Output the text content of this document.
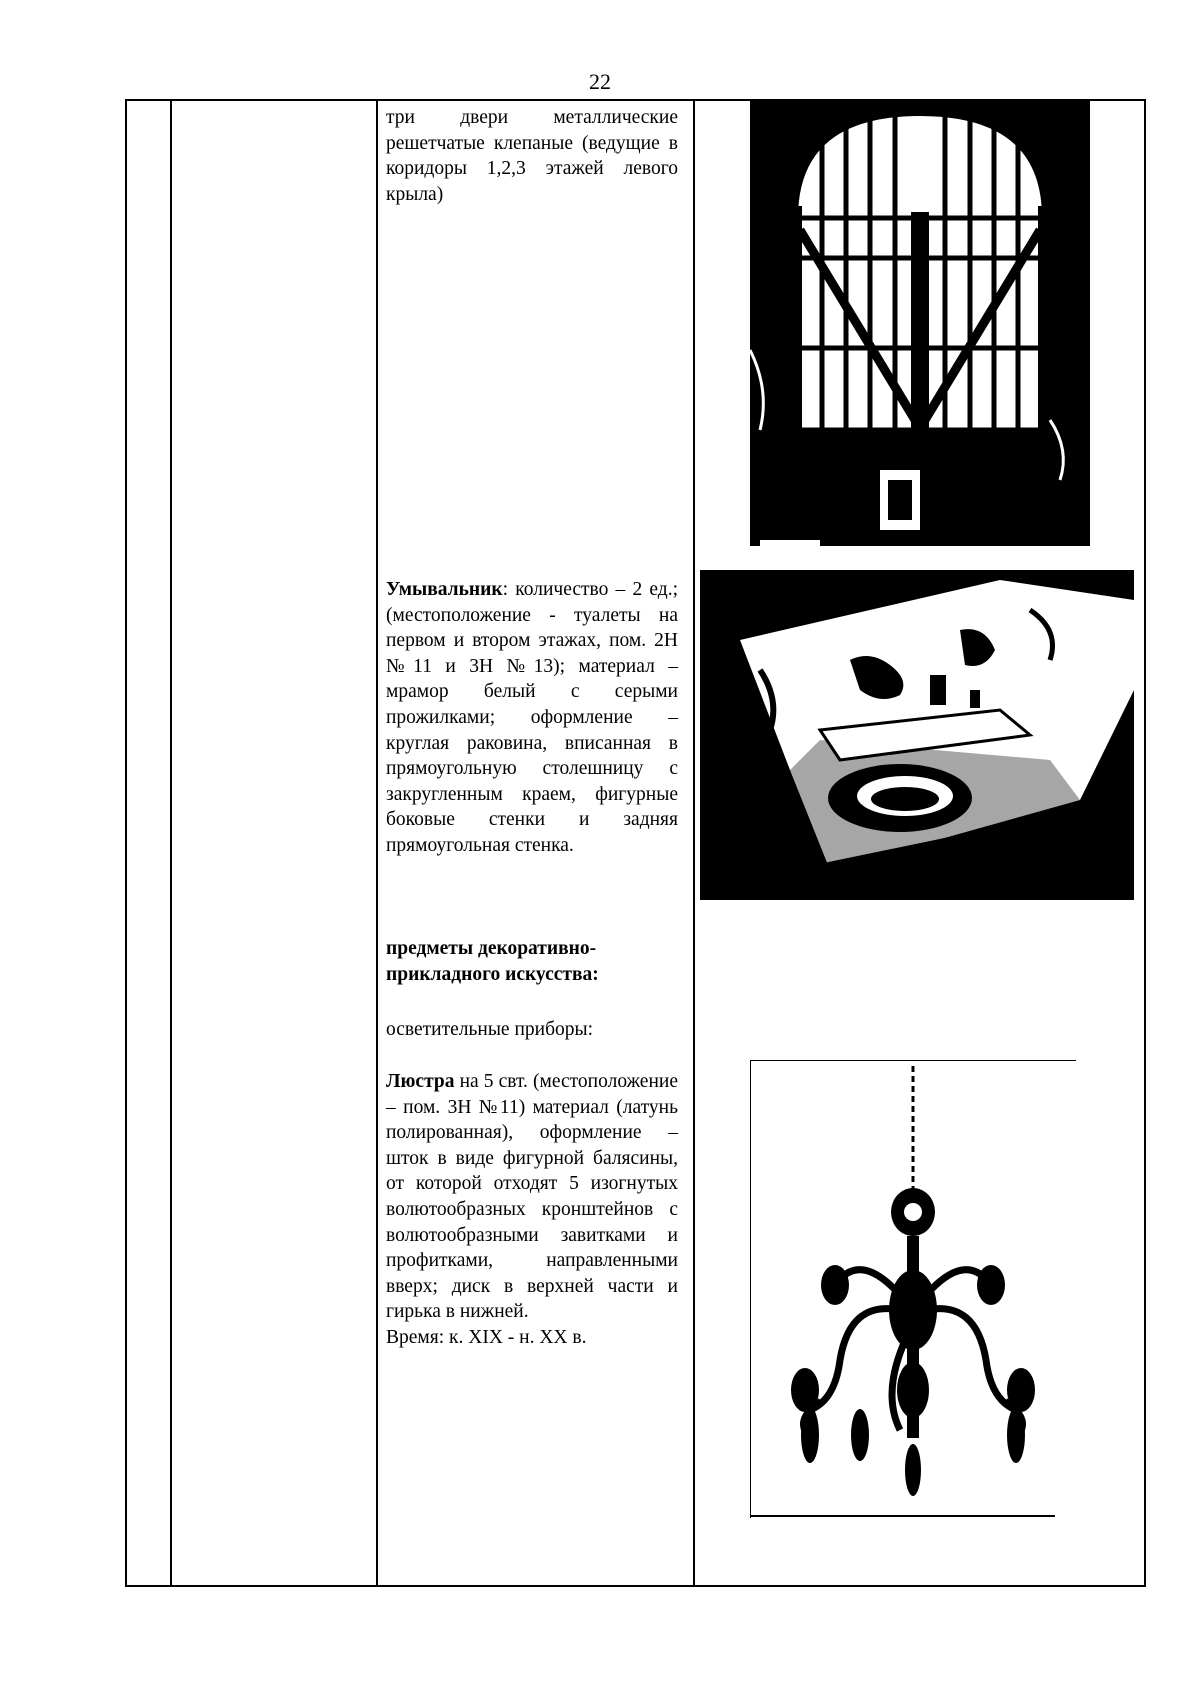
22
три двери металлические решетчатые клепаные (ведущие в коридоры 1,2,3 этажей левого крыла)
Умывальник: количество – 2 ед.; (местоположение - туалеты на первом и втором этажах, пом. 2Н №11 и 3Н №13); материал – мрамор белый с серыми прожилками; оформление – круглая раковина, вписанная в прямоугольную столешницу с закругленным краем, фигурные боковые стенки и задняя прямоугольная стенка.
предметы декоративно-прикладного искусства:
осветительные приборы:
Люстра на 5 свт. (местоположение – пом. 3Н №11) материал (латунь полированная), оформление – шток в виде фигурной балясины, от которой отходят 5 изогнутых волютообразных кронштейнов с волютообразными завитками и профитками, направленными вверх; диск в верхней части и гирька в нижней.
Время: к. XIX - н. XX в.
